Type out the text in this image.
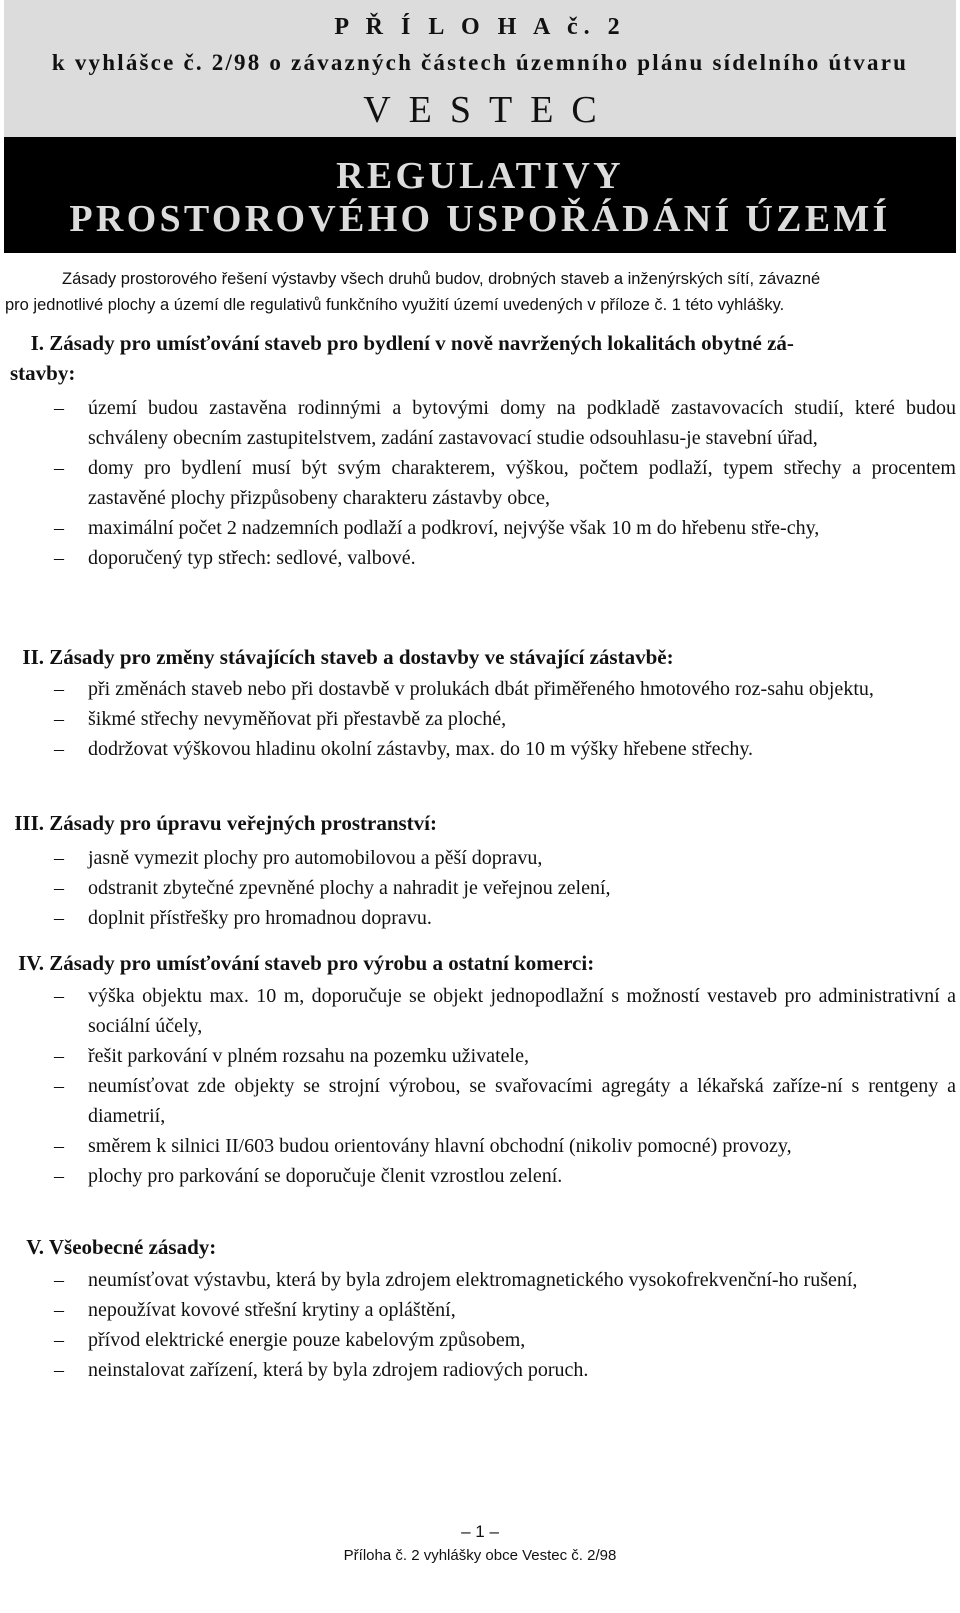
P Ř Í L O H A č. 2
k vyhlášce č. 2/98 o závazných částech územního plánu sídelního útvaru
VESTEC
REGULATIVY
PROSTOROVÉHO USPOŘÁDÁNÍ ÚZEMÍ

Zásady prostorového řešení výstavby všech druhů budov, drobných staveb a inženýrských sítí, závazné
pro jednotlivé plochy a území dle regulativů funkčního využití území uvedených v příloze č. 1 této vyhlášky.

I. Zásady pro umísťování staveb pro bydlení v nově navržených lokalitách obytné zá-
stavby:
– území budou zastavěna rodinnými a bytovými domy na podkladě zastavovacích studií, které budou schváleny obecním zastupitelstvem, zadání zastavovací studie odsouhlasu-je stavební úřad,
– domy pro bydlení musí být svým charakterem, výškou, počtem podlaží, typem střechy a procentem zastavěné plochy přizpůsobeny charakteru zástavby obce,
– maximální počet 2 nadzemních podlaží a podkroví, nejvýše však 10 m do hřebenu stře-chy,
– doporučený typ střech: sedlové, valbové.
II. Zásady pro změny stávajících staveb a dostavby ve stávající zástavbě:
– při změnách staveb nebo při dostavbě v prolukách dbát přiměřeného hmotového roz-sahu objektu,
– šikmé střechy nevyměňovat při přestavbě za ploché,
– dodržovat výškovou hladinu okolní zástavby, max. do 10 m výšky hřebene střechy.
III. Zásady pro úpravu veřejných prostranství:
– jasně vymezit plochy pro automobilovou a pěší dopravu,
– odstranit zbytečné zpevněné plochy a nahradit je veřejnou zelení,
– doplnit přístřešky pro hromadnou dopravu.
IV. Zásady pro umísťování staveb pro výrobu a ostatní komerci:
– výška objektu max. 10 m, doporučuje se objekt jednopodlažní s možností vestaveb pro administrativní a sociální účely,
– řešit parkování v plném rozsahu na pozemku uživatele,
– neumísťovat zde objekty se strojní výrobou, se svařovacími agregáty a lékařská zaříze-ní s rentgeny a diametrií,
– směrem k silnici II/603 budou orientovány hlavní obchodní (nikoliv pomocné) provozy,
– plochy pro parkování se doporučuje členit vzrostlou zelení.
V. Všeobecné zásady:
– neumísťovat výstavbu, která by byla zdrojem elektromagnetického vysokofrekvenční-ho rušení,
– nepoužívat kovové střešní krytiny a opláštění,
– přívod elektrické energie pouze kabelovým způsobem,
– neinstalovat zařízení, která by byla zdrojem radiových poruch.
– 1 –
Příloha č. 2 vyhlášky obce Vestec č. 2/98
